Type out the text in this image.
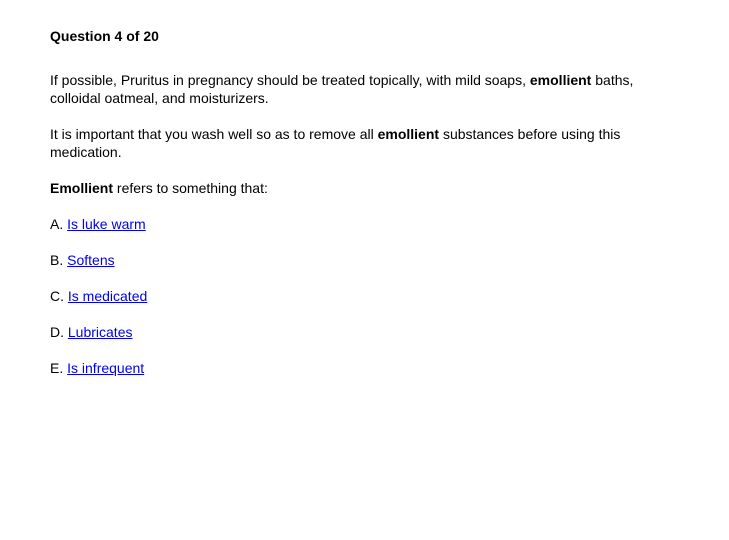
Question 4 of 20

If possible, Pruritus in pregnancy should be treated topically, with mild soaps, emollient baths, colloidal oatmeal, and moisturizers.

It is important that you wash well so as to remove all emollient substances before using this medication.

Emollient refers to something that:

A. Is luke warm
B. Softens
C. Is medicated
D. Lubricates
E. Is infrequent
